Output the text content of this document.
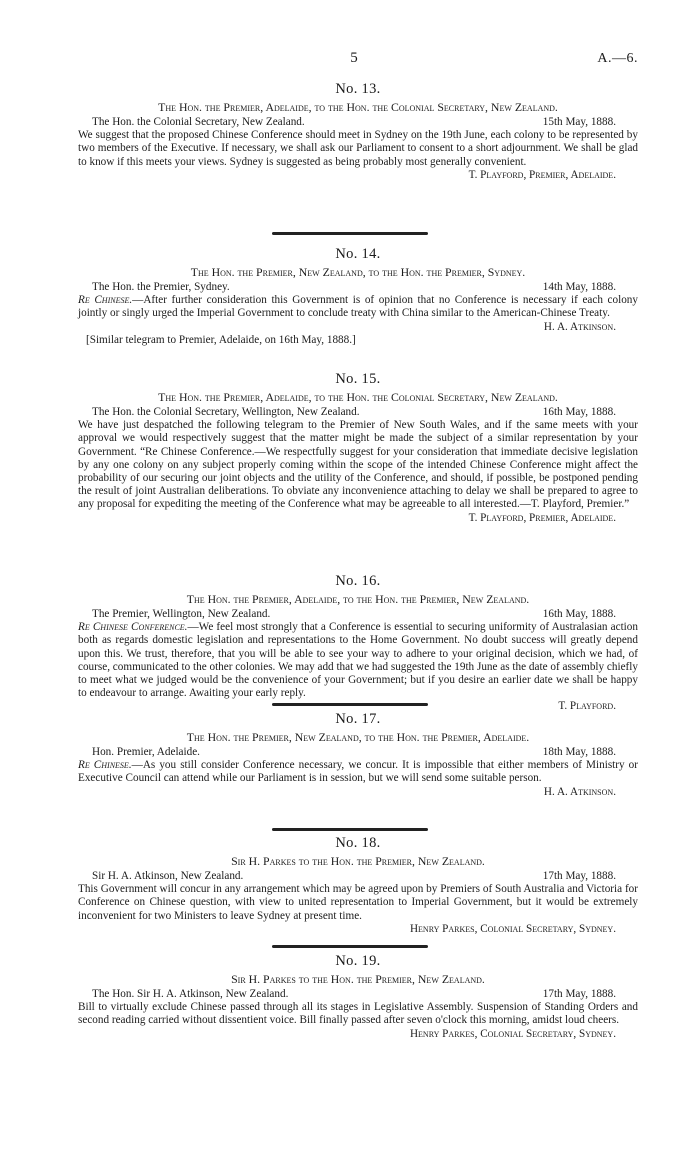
5	A.—6.
No. 13.
The Hon. the Premier, Adelaide, to the Hon. the Colonial Secretary, New Zealand.
The Hon. the Colonial Secretary, New Zealand.	15th May, 1888.
We suggest that the proposed Chinese Conference should meet in Sydney on the 19th June, each colony to be represented by two members of the Executive. If necessary, we shall ask our Parliament to consent to a short adjournment. We shall be glad to know if this meets your views. Sydney is suggested as being probably most generally convenient.
T. Playford, Premier, Adelaide.
No. 14.
The Hon. the Premier, New Zealand, to the Hon. the Premier, Sydney.
The Hon. the Premier, Sydney.	14th May, 1888.
Re Chinese.—After further consideration this Government is of opinion that no Conference is necessary if each colony jointly or singly urged the Imperial Government to conclude treaty with China similar to the American-Chinese Treaty.
H. A. Atkinson.
[Similar telegram to Premier, Adelaide, on 16th May, 1888.]
No. 15.
The Hon. the Premier, Adelaide, to the Hon. the Colonial Secretary, New Zealand.
The Hon. the Colonial Secretary, Wellington, New Zealand.	16th May, 1888.
We have just despatched the following telegram to the Premier of New South Wales, and if the same meets with your approval we would respectively suggest that the matter might be made the subject of a similar representation by your Government. “Re Chinese Conference.—We respectfully suggest for your consideration that immediate decisive legislation by any one colony on any subject properly coming within the scope of the intended Chinese Conference might affect the probability of our securing our joint objects and the utility of the Conference, and should, if possible, be postponed pending the result of joint Australian deliberations. To obviate any inconvenience attaching to delay we shall be prepared to agree to any proposal for expediting the meeting of the Conference what may be agreeable to all interested.—T. Playford, Premier.”
T. Playford, Premier, Adelaide.
No. 16.
The Hon. the Premier, Adelaide, to the Hon. the Premier, New Zealand.
The Premier, Wellington, New Zealand.	16th May, 1888.
Re Chinese Conference.—We feel most strongly that a Conference is essential to securing uniformity of Australasian action both as regards domestic legislation and representations to the Home Government. No doubt success will greatly depend upon this. We trust, therefore, that you will be able to see your way to adhere to your original decision, which we had, of course, communicated to the other colonies. We may add that we had suggested the 19th June as the date of assembly chiefly to meet what we judged would be the convenience of your Government; but if you desire an earlier date we shall be happy to endeavour to arrange. Awaiting your early reply.
T. Playford.
No. 17.
The Hon. the Premier, New Zealand, to the Hon. the Premier, Adelaide.
Hon. Premier, Adelaide.	18th May, 1888.
Re Chinese.—As you still consider Conference necessary, we concur. It is impossible that either members of Ministry or Executive Council can attend while our Parliament is in session, but we will send some suitable person.
H. A. Atkinson.
No. 18.
Sir H. Parkes to the Hon. the Premier, New Zealand.
Sir H. A. Atkinson, New Zealand.	17th May, 1888.
This Government will concur in any arrangement which may be agreed upon by Premiers of South Australia and Victoria for Conference on Chinese question, with view to united representation to Imperial Government, but it would be extremely inconvenient for two Ministers to leave Sydney at present time.
Henry Parkes, Colonial Secretary, Sydney.
No. 19.
Sir H. Parkes to the Hon. the Premier, New Zealand.
The Hon. Sir H. A. Atkinson, New Zealand.	17th May, 1888.
Bill to virtually exclude Chinese passed through all its stages in Legislative Assembly. Suspension of Standing Orders and second reading carried without dissentient voice. Bill finally passed after seven o'clock this morning, amidst loud cheers.
Henry Parkes, Colonial Secretary, Sydney.
